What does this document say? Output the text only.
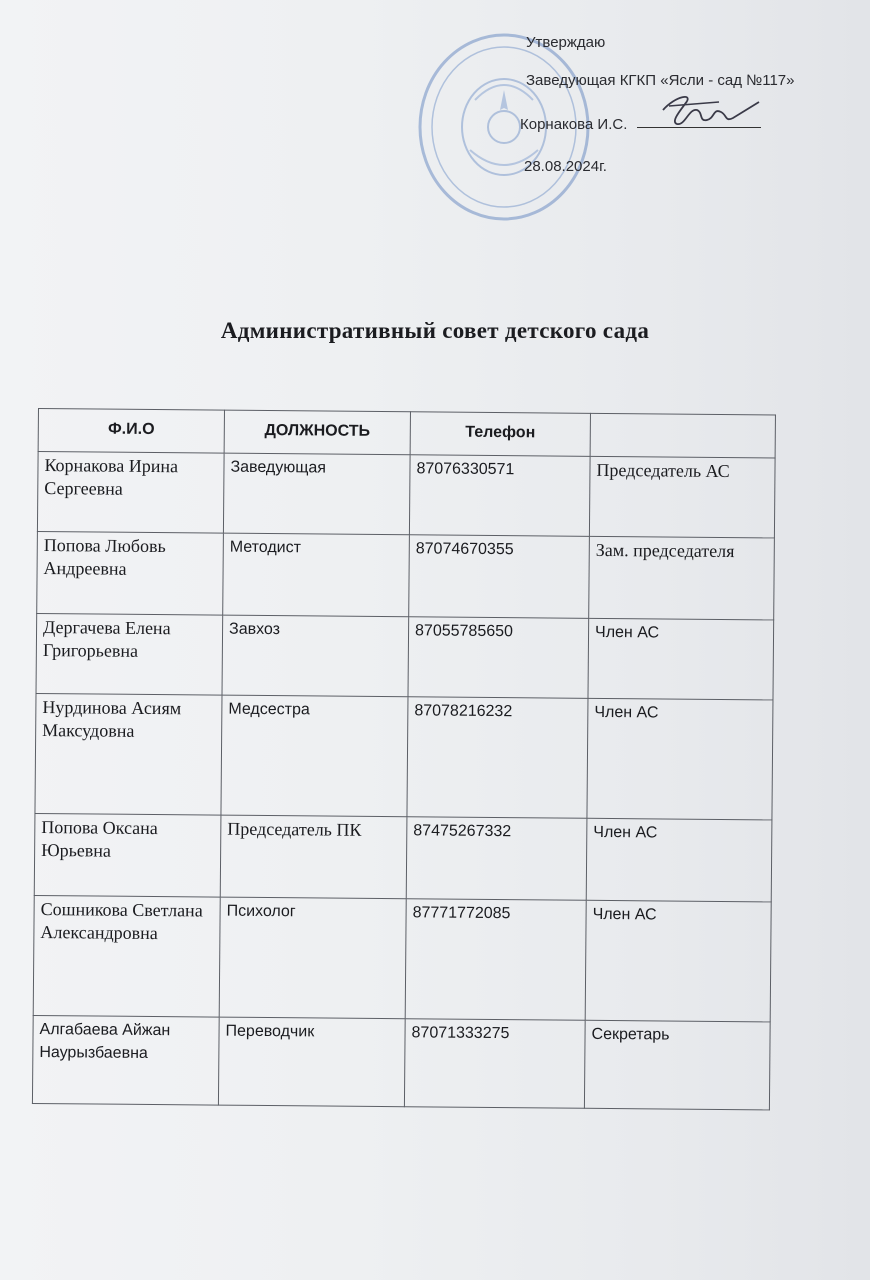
Утверждаю
Заведующая КГКП «Ясли - сад №117»
Корнакова И.С.
28.08.2024г.
Административный совет детского сада
Ф.И.О	ДОЛЖНОСТЬ	Телефон	
Корнакова Ирина Сергеевна	Заведующая	87076330571	Председатель АС
Попова Любовь Андреевна	Методист	87074670355	Зам. председателя
Дергачева Елена Григорьевна	Завхоз	87055785650	Член АС
Нурдинова Асиям Максудовна	Медсестра	87078216232	Член АС
Попова Оксана Юрьевна	Председатель ПК	87475267332	Член АС
Сошникова Светлана Александровна	Психолог	87771772085	Член АС
Алгабаева Айжан Наурызбаевна	Переводчик	87071333275	Секретарь
